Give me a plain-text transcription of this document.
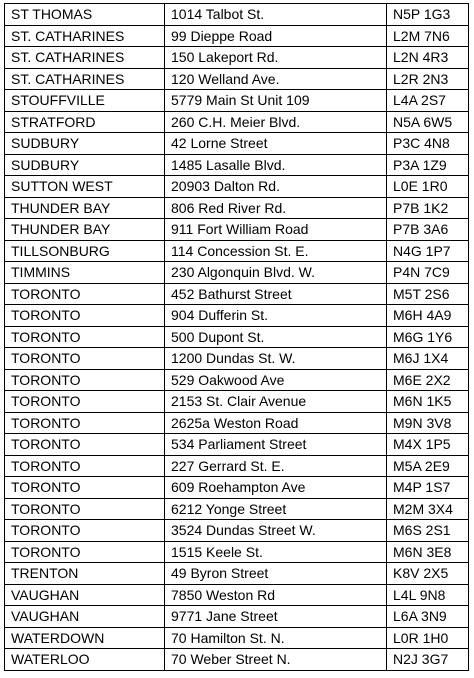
ST THOMAS	1014 Talbot St.	N5P 1G3
ST. CATHARINES	99 Dieppe Road	L2M 7N6
ST. CATHARINES	150 Lakeport Rd.	L2N 4R3
ST. CATHARINES	120 Welland Ave.	L2R 2N3
STOUFFVILLE	5779 Main St Unit 109	L4A 2S7
STRATFORD	260 C.H. Meier Blvd.	N5A 6W5
SUDBURY	42 Lorne Street	P3C 4N8
SUDBURY	1485 Lasalle Blvd.	P3A 1Z9
SUTTON WEST	20903 Dalton Rd.	L0E 1R0
THUNDER BAY	806 Red River Rd.	P7B 1K2
THUNDER BAY	911 Fort William Road	P7B 3A6
TILLSONBURG	114 Concession St. E.	N4G 1P7
TIMMINS	230 Algonquin Blvd. W.	P4N 7C9
TORONTO	452 Bathurst Street	M5T 2S6
TORONTO	904 Dufferin St.	M6H 4A9
TORONTO	500 Dupont St.	M6G 1Y6
TORONTO	1200 Dundas St. W.	M6J 1X4
TORONTO	529 Oakwood Ave	M6E 2X2
TORONTO	2153 St. Clair Avenue	M6N 1K5
TORONTO	2625a Weston Road	M9N 3V8
TORONTO	534 Parliament Street	M4X 1P5
TORONTO	227 Gerrard St. E.	M5A 2E9
TORONTO	609 Roehampton Ave	M4P 1S7
TORONTO	6212 Yonge Street	M2M 3X4
TORONTO	3524 Dundas Street W.	M6S 2S1
TORONTO	1515 Keele St.	M6N 3E8
TRENTON	49 Byron Street	K8V 2X5
VAUGHAN	7850 Weston Rd	L4L 9N8
VAUGHAN	9771 Jane Street	L6A 3N9
WATERDOWN	70 Hamilton St. N.	L0R 1H0
WATERLOO	70 Weber Street N.	N2J 3G7
